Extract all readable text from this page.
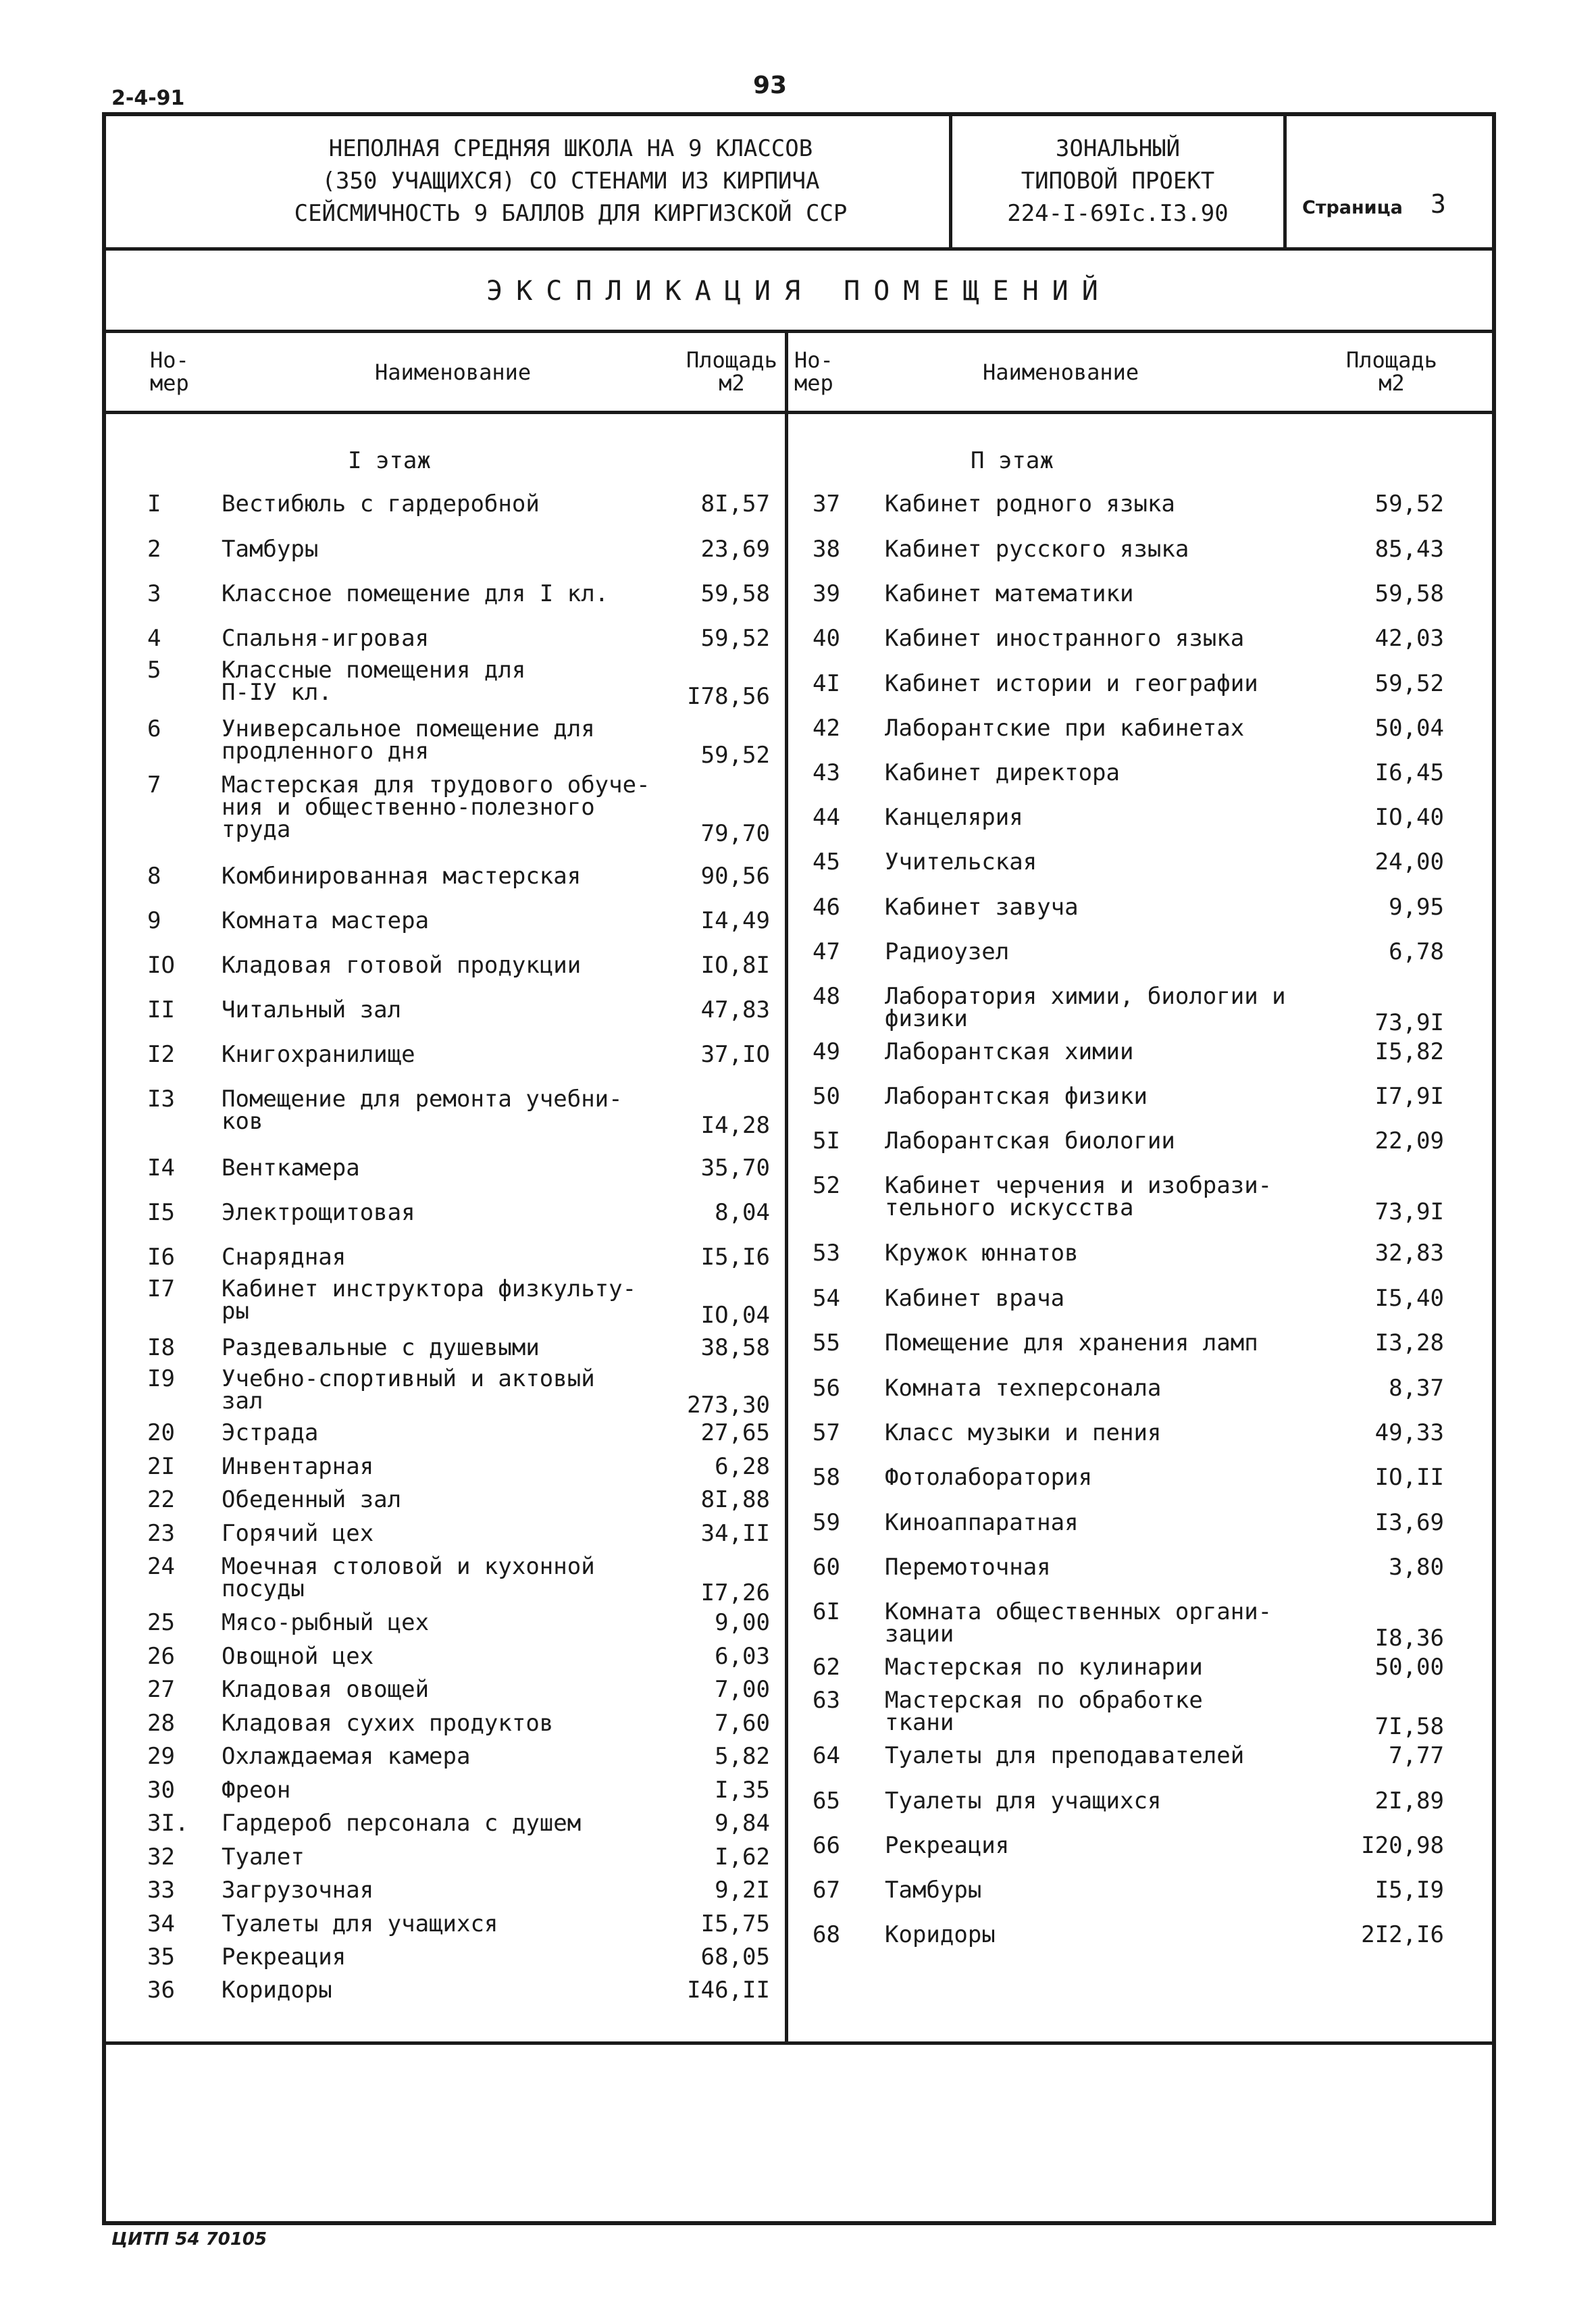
2-4-91	93
НЕПОЛНАЯ СРЕДНЯЯ ШКОЛА НА 9 КЛАССОВ
(350 УЧАЩИХСЯ) СО СТЕНАМИ ИЗ КИРПИЧА
СЕЙСМИЧНОСТЬ 9 БАЛЛОВ ДЛЯ КИРГИЗСКОЙ ССР
ЗОНАЛЬНЫЙ
ТИПОВОЙ ПРОЕКТ
224-I-69Iс.I3.90	Страница 3
ЭКСПЛИКАЦИЯ ПОМЕЩЕНИЙ
Но-
мер	Наименование	Площадь
м2
Но-
мер	Наименование	Площадь
м2
I этаж	П этаж
I	Вестибюль с гардеробной	8I,57
2	Тамбуры	23,69
3	Классное помещение для I кл.	59,58
4	Спальня-игровая	59,52
5	Классные помещения для
П-IУ кл.	I78,56
6	Универсальное помещение для
продленного дня	59,52
7	Мастерская для трудового обуче-
ния и общественно-полезного
труда	79,70
8	Комбинированная мастерская	90,56
9	Комната мастера	I4,49
IO Кладовая готовой продукции	IO,8I
II Читальный зал	47,83
I2 Книгохранилище	37,IO
I3 Помещение для ремонта учебни-
ков	I4,28
I4 Венткамера	35,70
I5 Электрощитовая	8,04
I6 Снарядная	I5,I6
I7 Кабинет инструктора физкульту-
ры	IO,04
I8 Раздевальные с душевыми	38,58
I9 Учебно-спортивный и актовый
зал	273,30
20 Эстрада	27,65
2I Инвентарная	6,28
22 Обеденный зал	8I,88
23 Горячий цех	34,II
24 Моечная столовой и кухонной
посуды	I7,26
25 Мясо-рыбный цех	9,00
26 Овощной цех	6,03
27 Кладовая овощей	7,00
28 Кладовая сухих продуктов	7,60
29 Охлаждаемая камера	5,82
30 Фреон	I,35
3I. Гардероб персонала с душем	9,84
32 Туалет	I,62
33 Загрузочная	9,2I
34 Туалеты для учащихся	I5,75
35 Рекреация	68,05
36 Коридоры	I46,II
37 Кабинет родного языка	59,52
38 Кабинет русского языка	85,43
39 Кабинет математики	59,58
40 Кабинет иностранного языка	42,03
4I Кабинет истории и географии	59,52
42 Лаборантские при кабинетах	50,04
43 Кабинет директора	I6,45
44 Канцелярия	IO,40
45 Учительская	24,00
46 Кабинет завуча	9,95
47 Радиоузел	6,78
48 Лаборатория химии, биологии и
физики	73,9I
49 Лаборантская химии	I5,82
50 Лаборантская физики	I7,9I
5I Лаборантская биологии	22,09
52 Кабинет черчения и изобрази-
тельного искусства	73,9I
53 Кружок юннатов	32,83
54 Кабинет врача	I5,40
55 Помещение для хранения ламп	I3,28
56 Комната техперсонала	8,37
57 Класс музыки и пения	49,33
58 Фотолаборатория	IO,II
59 Киноаппаратная	I3,69
60 Перемоточная	3,80
6I Комната общественных органи-
зации	I8,36
62 Мастерская по кулинарии	50,00
63 Мастерская по обработке
ткани	7I,58
64 Туалеты для преподавателей	7,77
65 Туалеты для учащихся	2I,89
66 Рекреация	I20,98
67 Тамбуры	I5,I9
68 Коридоры	2I2,I6
ЦИТП 54 70105
